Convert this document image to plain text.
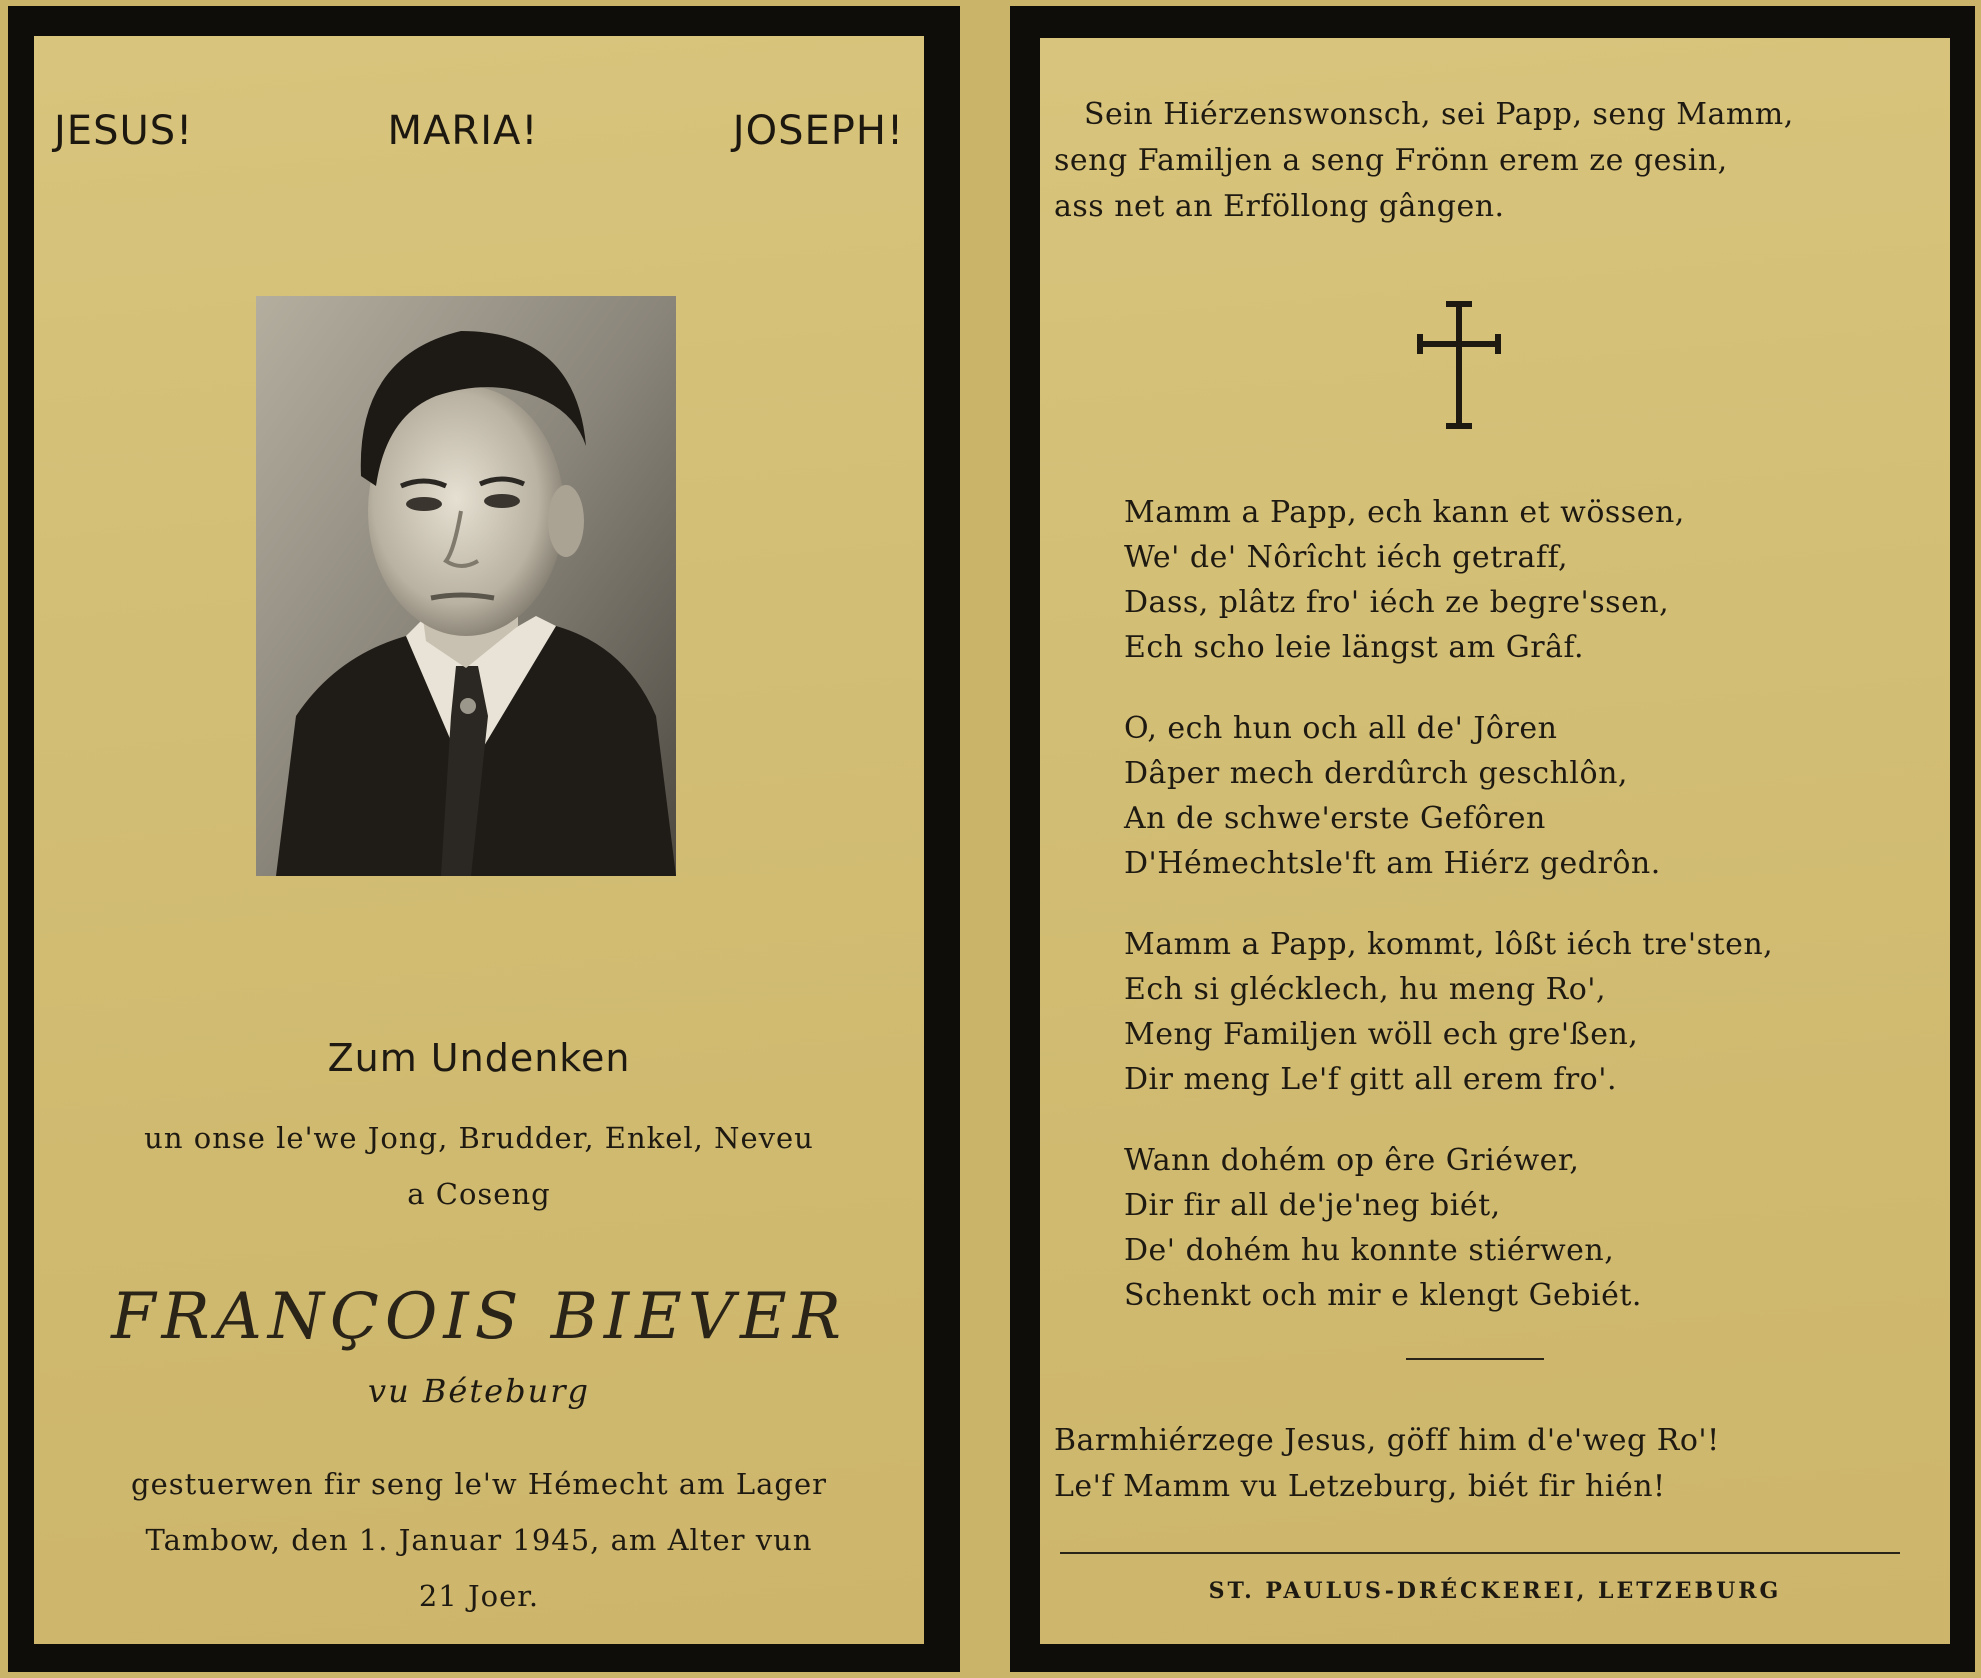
JESUS!	MARIA!	JOSEPH!
Zum Undenken
un onse le'we Jong, Brudder, Enkel, Neveu
a Coseng
FRANÇOIS BIEVER
vu Béteburg
gestuerwen fir seng le'w Hémecht am Lager
Tambow, den 1. Januar 1945, am Alter vun
21 Joer.
Sein Hiérzenswonsch, sei Papp, seng Mamm,
seng Familjen a seng Frönn erem ze gesin,
ass net an Erföllong gângen.
Mamm a Papp, ech kann et wössen,
We' de' Nôrîcht iéch getraff,
Dass, plâtz fro' iéch ze begre'ssen,
Ech scho leie längst am Grâf.
O, ech hun och all de' Jôren
Dâper mech derdûrch geschlôn,
An de schwe'erste Gefôren
D'Hémechtsle'ft am Hiérz gedrôn.
Mamm a Papp, kommt, lôßt iéch tre'sten,
Ech si glécklech, hu meng Ro',
Meng Familjen wöll ech gre'ßen,
Dir meng Le'f gitt all erem fro'.
Wann dohém op êre Griéwer,
Dir fir all de'je'neg biét,
De' dohém hu konnte stiérwen,
Schenkt och mir e klengt Gebiét.
Barmhiérzege Jesus, göff him d'e'weg Ro'!
Le'f Mamm vu Letzeburg, biét fir hién!
ST. PAULUS-DRÉCKEREI, LETZEBURG
